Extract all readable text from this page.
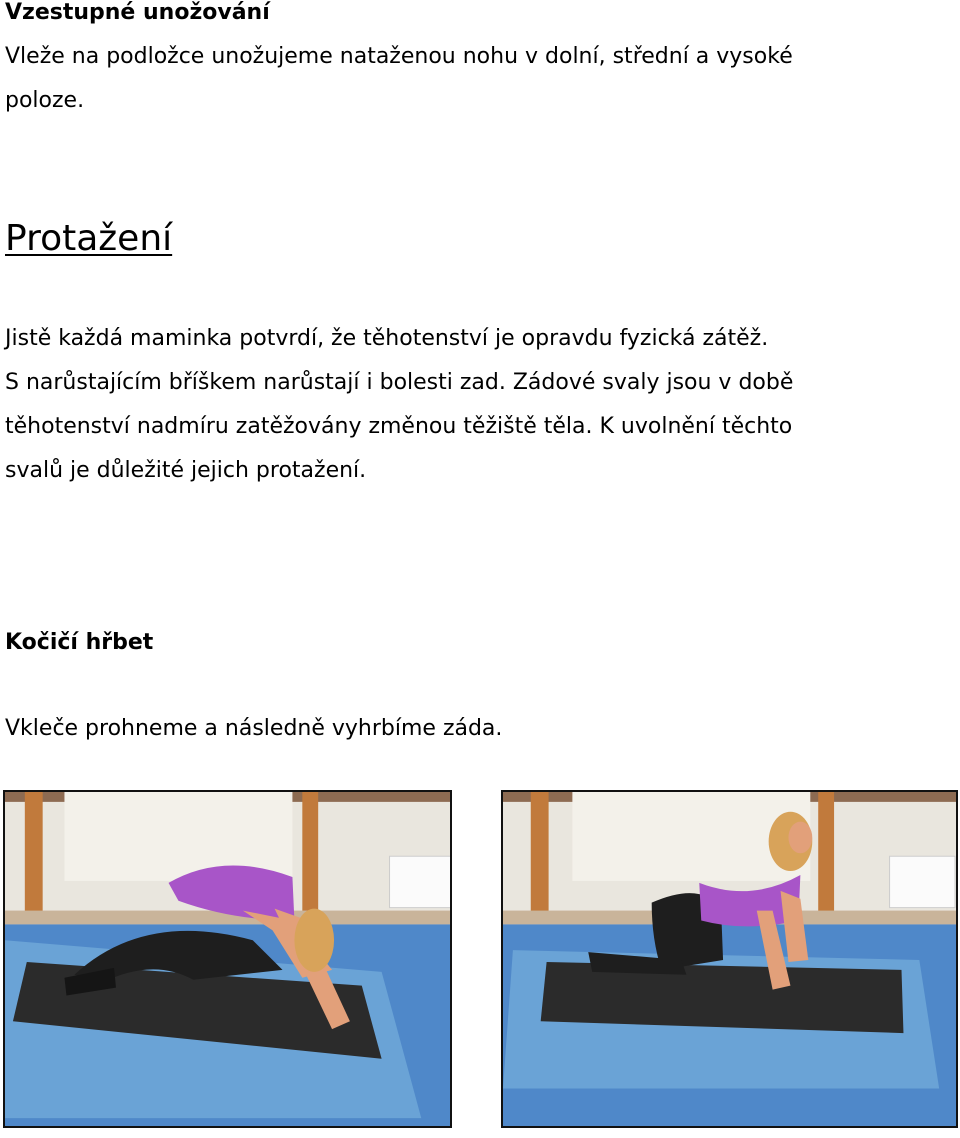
Vzestupné unožování

Vleže na podložce unožujeme nataženou nohu v dolní, střední a vysoké

poloze.

Protažení

Jistě každá maminka potvrdí, že těhotenství je opravdu fyzická zátěž.

S narůstajícím bříškem narůstají i bolesti zad. Zádové svaly jsou v době

těhotenství nadmíru zatěžovány změnou těžiště těla. K uvolnění těchto

svalů je důležité jejich protažení.

Kočičí hřbet

Vkleče prohneme a následně vyhrbíme záda.
